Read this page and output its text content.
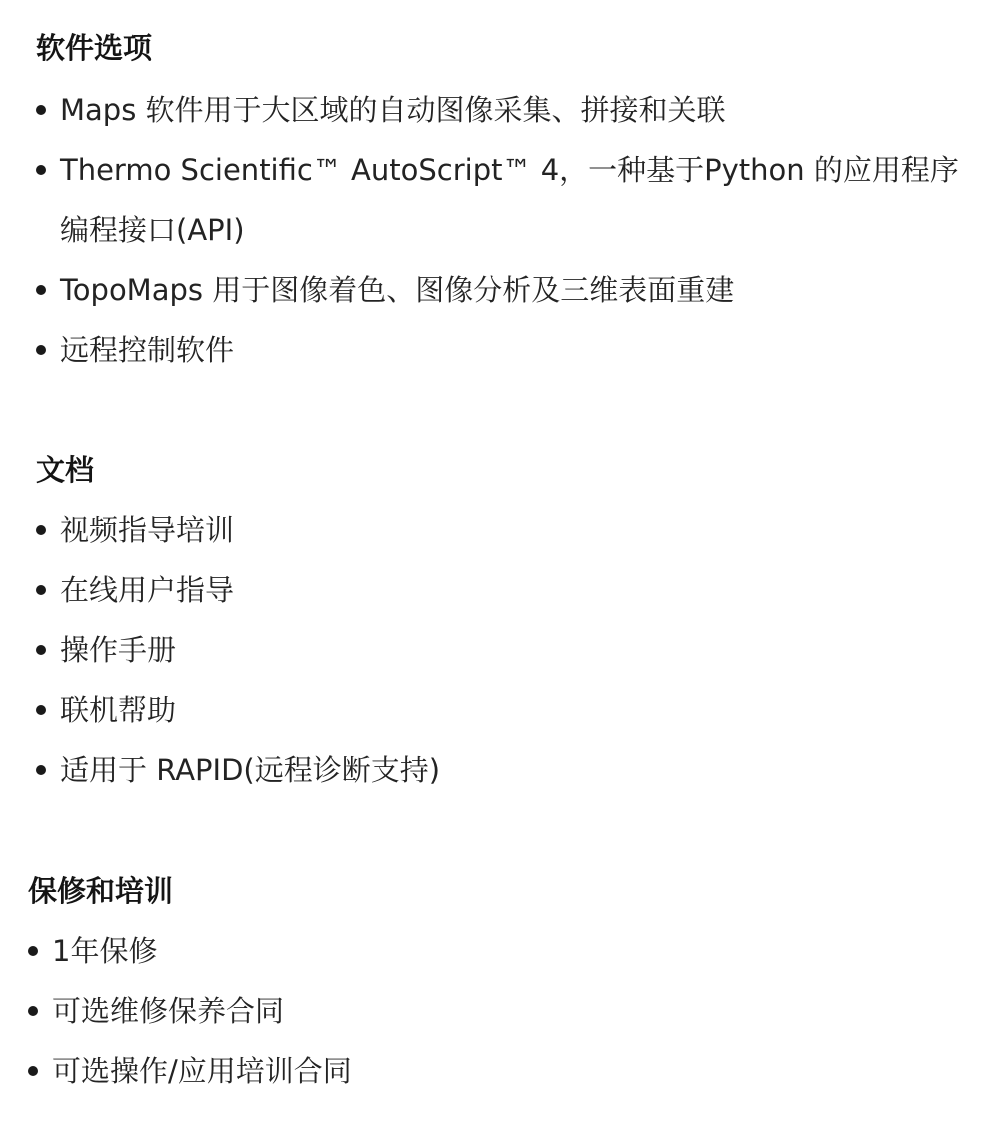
软件选项
Maps 软件用于大区域的自动图像采集、拼接和关联
Thermo Scientific™ AutoScript™ 4，一种基于Python 的应用程序编程接口(API)
TopoMaps 用于图像着色、图像分析及三维表面重建
远程控制软件
文档
视频指导培训
在线用户指导
操作手册
联机帮助
适用于 RAPID(远程诊断支持)
保修和培训
1年保修
可选维修保养合同
可选操作/应用培训合同
